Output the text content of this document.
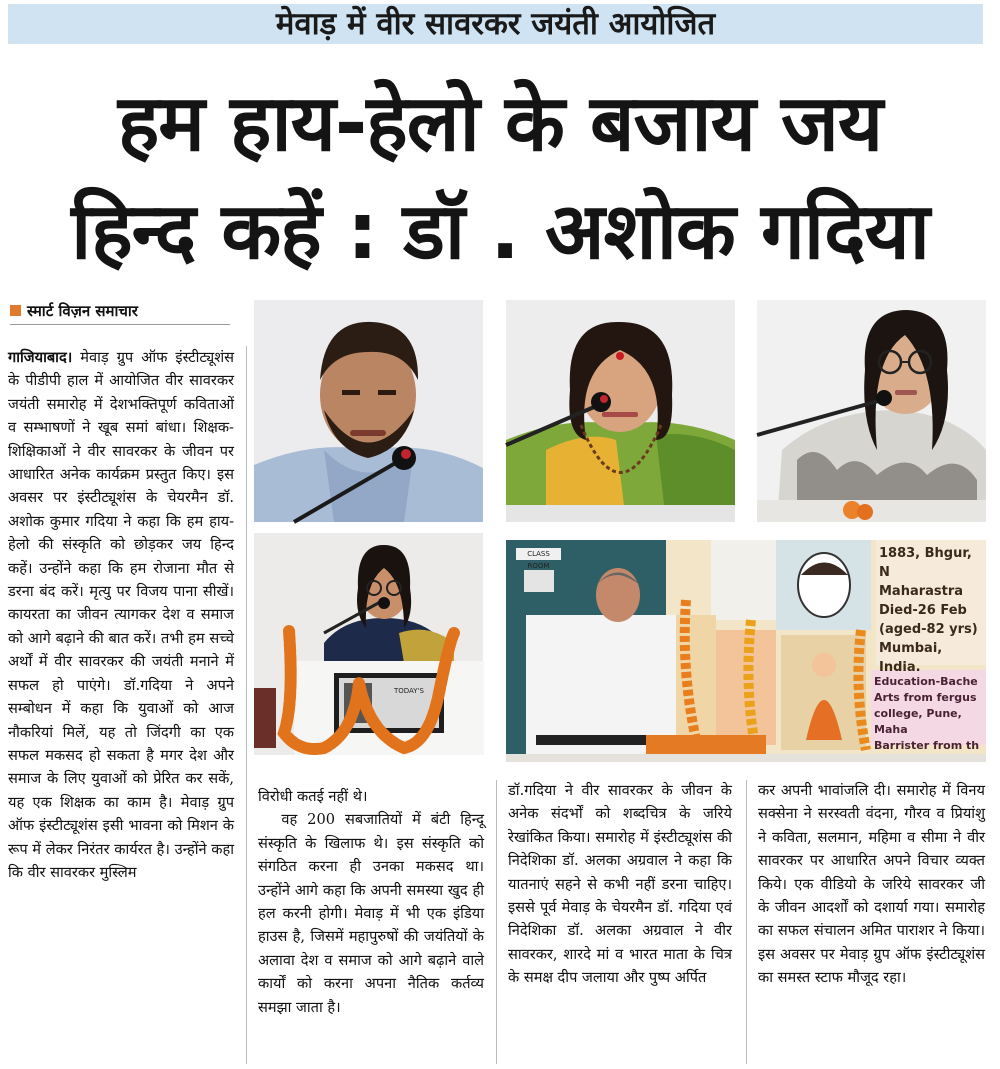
मेवाड़ में वीर सावरकर जयंती आयोजित
हम हाय-हेलो के बजाय जय
हिन्द कहें : डॉ . अशोक गदिया
स्मार्ट विज़न समाचार
TODAY'S
CLASS ROOM
1883, Bhgur, N
Maharastra
Died-26 Feb
(aged-82 yrs)
Mumbai,
India.
Education-Bache
Arts from fergus
college, Pune, Maha
Barrister from th

गाजियाबाद। मेवाड़ ग्रुप ऑफ इंस्टीट्यूशंस के पीडीपी हाल में आयोजित वीर सावरकर जयंती समारोह में देशभक्तिपूर्ण कविताओं व सम्भाषणों ने खूब समां बांधा। शिक्षक-शिक्षिकाओं ने वीर सावरकर के जीवन पर आधारित अनेक कार्यक्रम प्रस्तुत किए। इस अवसर पर इंस्टीट्यूशंस के चेयरमैन डॉ. अशोक कुमार गदिया ने कहा कि हम हाय-हेलो की संस्कृति को छोड़कर जय हिन्द कहें। उन्होंने कहा कि हम रोजाना मौत से डरना बंद करें। मृत्यु पर विजय पाना सीखें। कायरता का जीवन त्यागकर देश व समाज को आगे बढ़ाने की बात करें। तभी हम सच्चे अर्थों में वीर सावरकर की जयंती मनाने में सफल हो पाएंगे। डॉ.गदिया ने अपने सम्बोधन में कहा कि युवाओं को आज नौकरियां मिलें, यह तो जिंदगी का एक सफल मकसद हो सकता है मगर देश और समाज के लिए युवाओं को प्रेरित कर सकें, यह एक शिक्षक का काम है। मेवाड़ ग्रुप ऑफ इंस्टीट्यूशंस इसी भावना को मिशन के रूप में लेकर निरंतर कार्यरत है। उन्होंने कहा कि वीर सावरकर मुस्लिम

विरोधी कतई नहीं थे।

वह 200 सबजातियों में बंटी हिन्दू संस्कृति के खिलाफ थे। इस संस्कृति को संगठित करना ही उनका मकसद था। उन्होंने आगे कहा कि अपनी समस्या खुद ही हल करनी होगी। मेवाड़ में भी एक इंडिया हाउस है, जिसमें महापुरुषों की जयंतियों के अलावा देश व समाज को आगे बढ़ाने वाले कार्यों को करना अपना नैतिक कर्तव्य समझा जाता है।

डॉ.गदिया ने वीर सावरकर के जीवन के अनेक संदर्भों को शब्दचित्र के जरिये रेखांकित किया। समारोह में इंस्टीट्यूशंस की निदेशिका डॉ. अलका अग्रवाल ने कहा कि यातनाएं सहने से कभी नहीं डरना चाहिए। इससे पूर्व मेवाड़ के चेयरमैन डॉ. गदिया एवं निदेशिका डॉ. अलका अग्रवाल ने वीर सावरकर, शारदे मां व भारत माता के चित्र के समक्ष दीप जलाया और पुष्प अर्पित

कर अपनी भावांजलि दी। समारोह में विनय सक्सेना ने सरस्वती वंदना, गौरव व प्रियांशु ने कविता, सलमान, महिमा व सीमा ने वीर सावरकर पर आधारित अपने विचार व्यक्त किये। एक वीडियो के जरिये सावरकर जी के जीवन आदर्शों को दशार्या गया। समारोह का सफल संचालन अमित पाराशर ने किया। इस अवसर पर मेवाड़ ग्रुप ऑफ इंस्टीट्यूशंस का समस्त स्टाफ मौजूद रहा।
